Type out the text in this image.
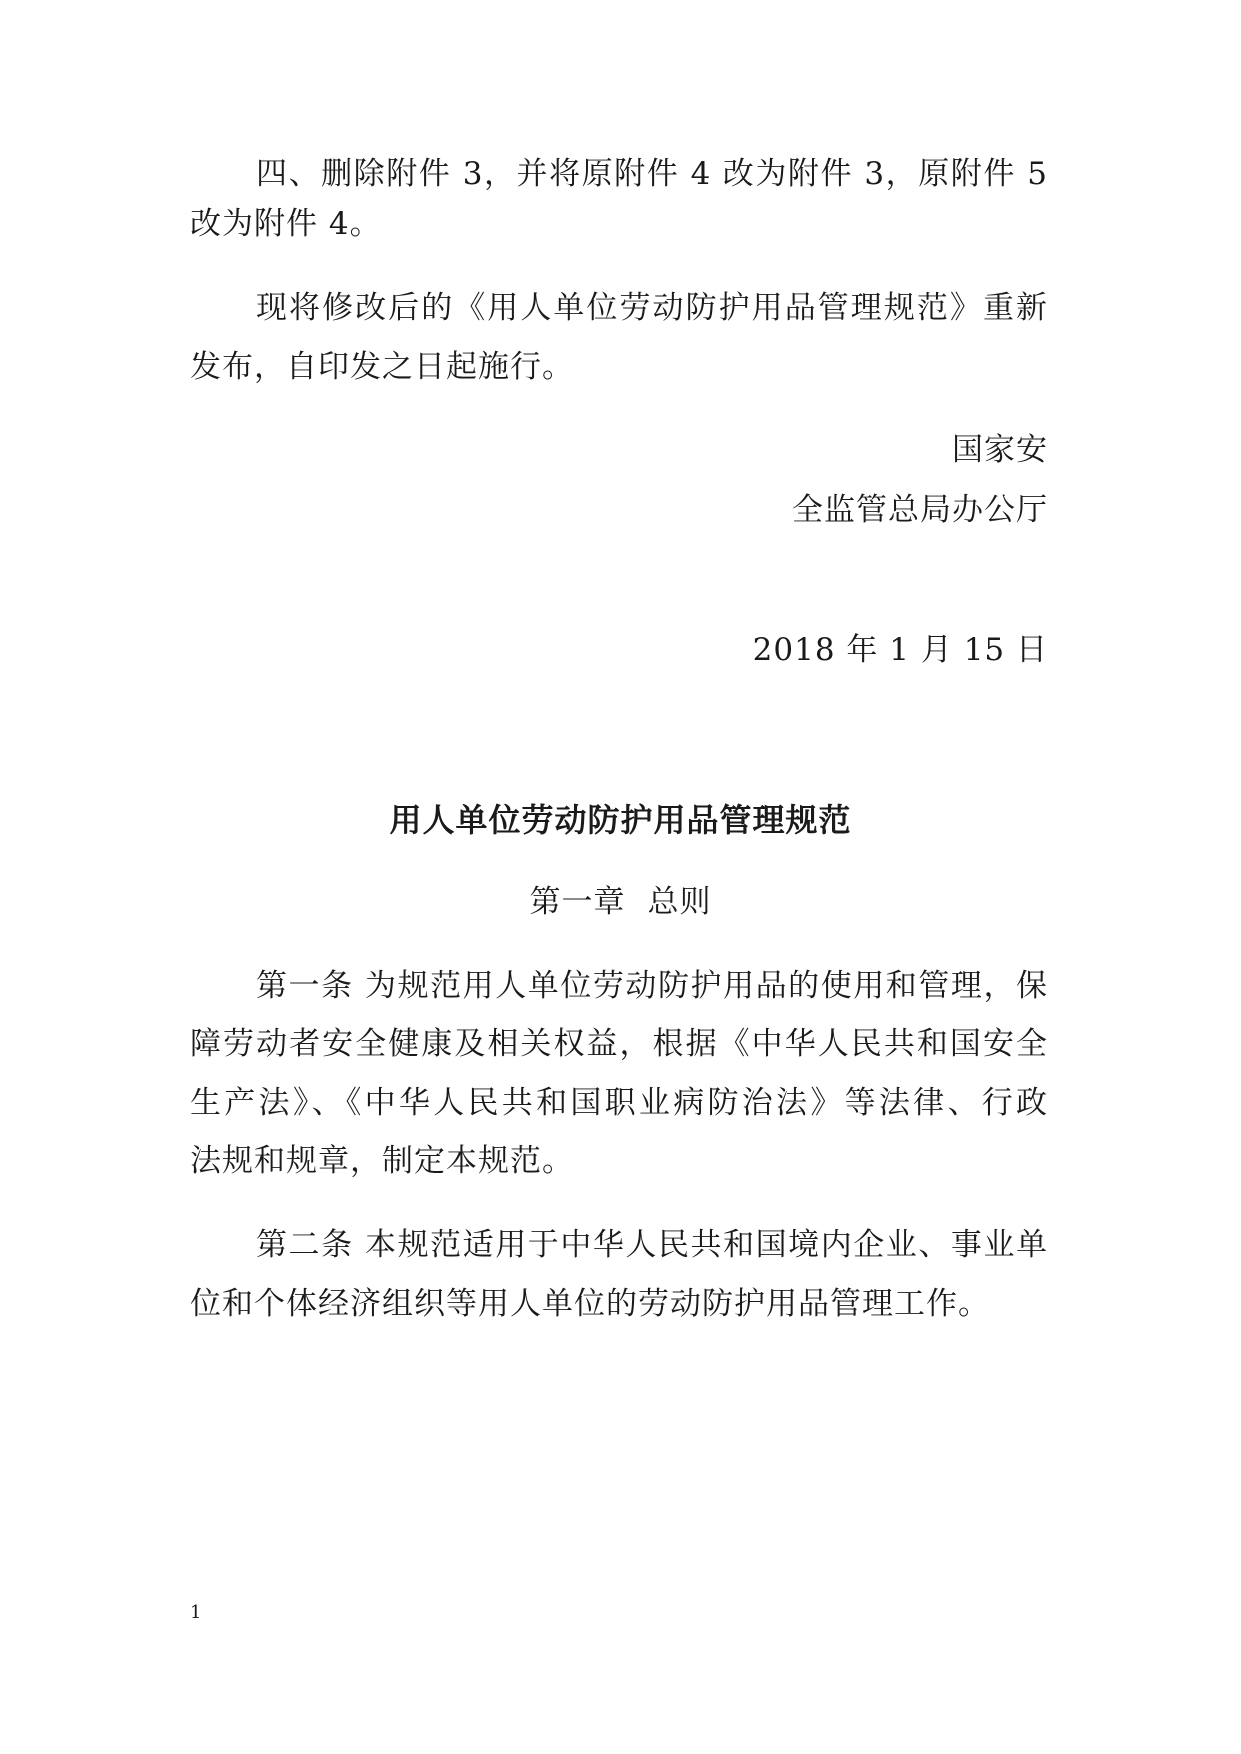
四、删除附件 3，并将原附件 4 改为附件 3，原附件 5
改为附件 4。
现将修改后的《用人单位劳动防护用品管理规范》重新
发布，自印发之日起施行。
国家安
全监管总局办公厅
2018 年 1 月 15 日
用人单位劳动防护用品管理规范
第一章 总则
第一条 为规范用人单位劳动防护用品的使用和管理，保
障劳动者安全健康及相关权益，根据《中华人民共和国安全
生产法》、《中华人民共和国职业病防治法》等法律、行政
法规和规章，制定本规范。
第二条 本规范适用于中华人民共和国境内企业、事业单
位和个体经济组织等用人单位的劳动防护用品管理工作。
1
